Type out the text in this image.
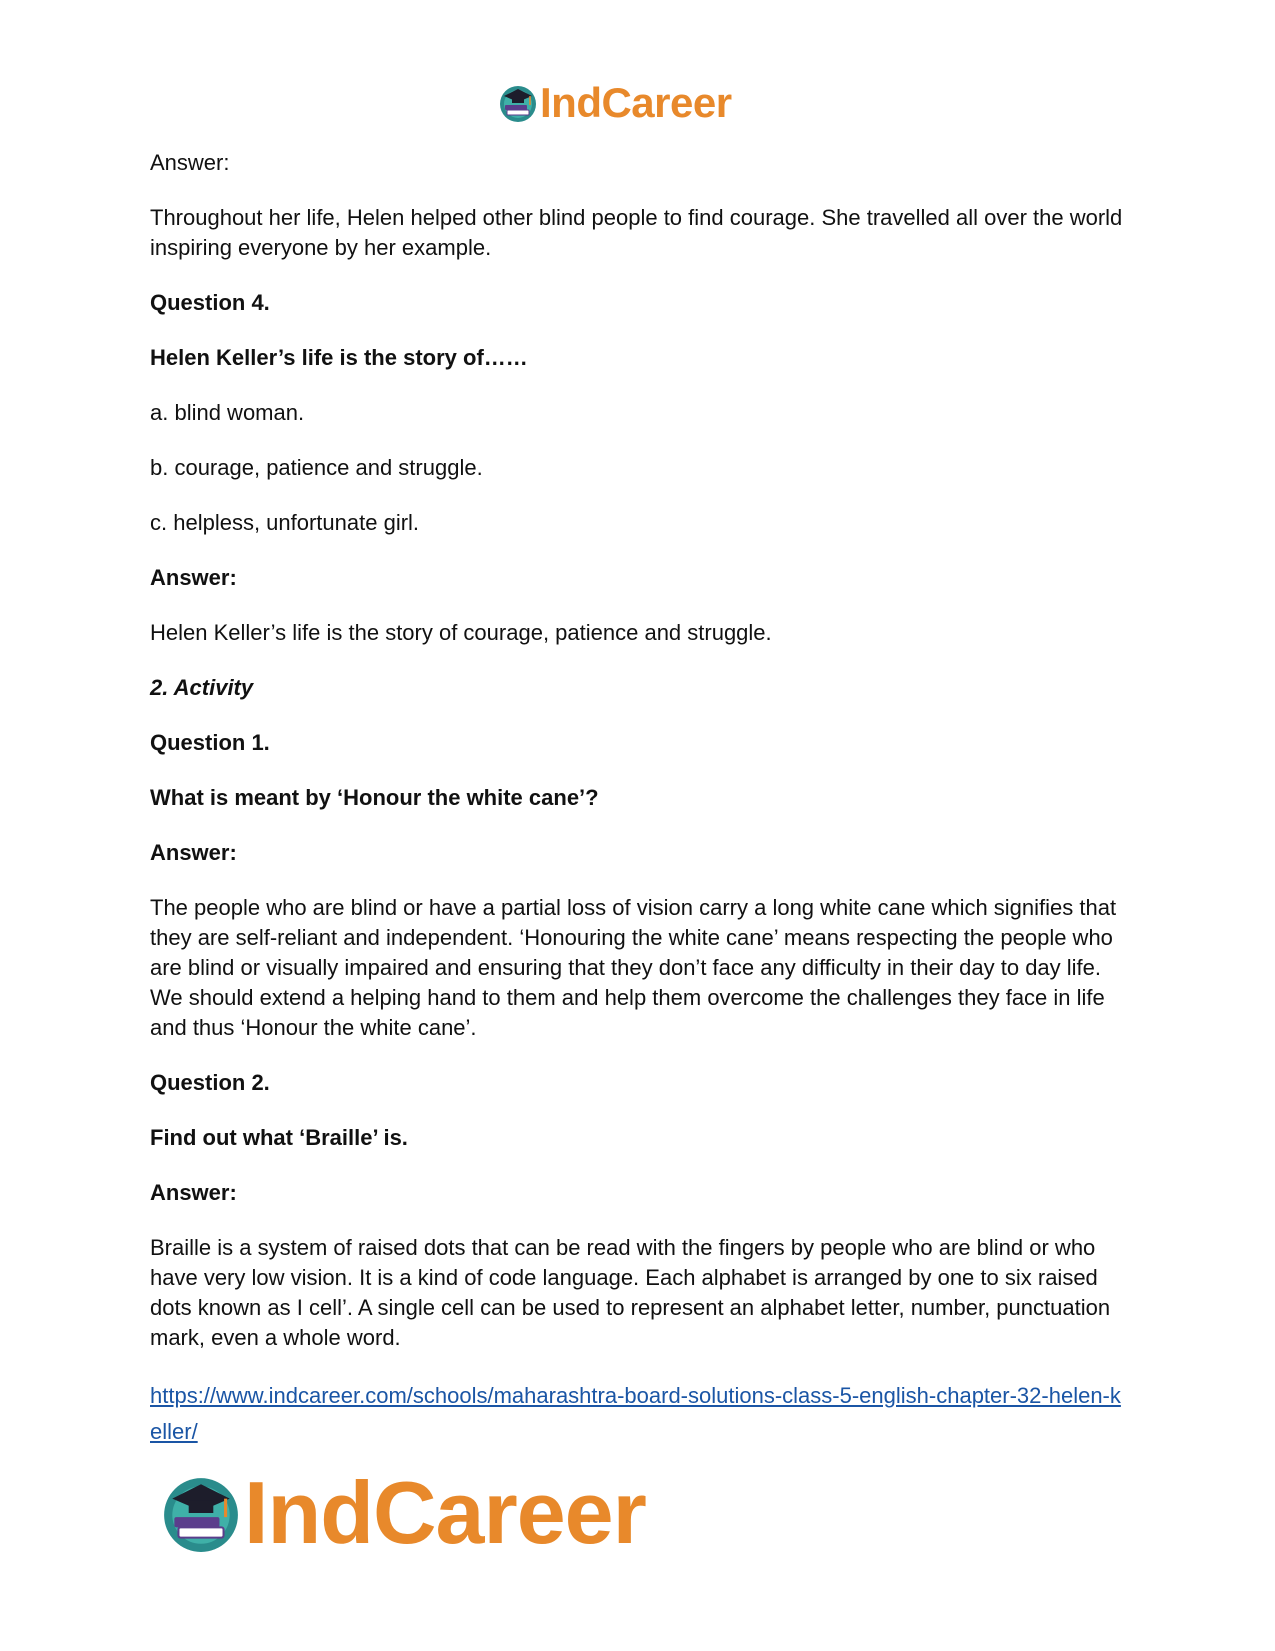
IndCareer

Answer:

Throughout her life, Helen helped other blind people to find courage. She travelled all over the world inspiring everyone by her example.

Question 4.

Helen Keller’s life is the story of……

a. blind woman.

b. courage, patience and struggle.

c. helpless, unfortunate girl.

Answer:

Helen Keller’s life is the story of courage, patience and struggle.

2. Activity

Question 1.

What is meant by ‘Honour the white cane’?

Answer:

The people who are blind or have a partial loss of vision carry a long white cane which signifies that they are self-reliant and independent. ‘Honouring the white cane’ means respecting the people who are blind or visually impaired and ensuring that they don’t face any difficulty in their day to day life. We should extend a helping hand to them and help them overcome the challenges they face in life and thus ‘Honour the white cane’.

Question 2.

Find out what ‘Braille’ is.

Answer:

Braille is a system of raised dots that can be read with the fingers by people who are blind or who have very low vision. It is a kind of code language. Each alphabet is arranged by one to six raised dots known as I cell’. A single cell can be used to represent an alphabet letter, number, punctuation mark, even a whole word.

https://www.indcareer.com/schools/maharashtra-board-solutions-class-5-english-chapter-32-helen-keller/

IndCareer
